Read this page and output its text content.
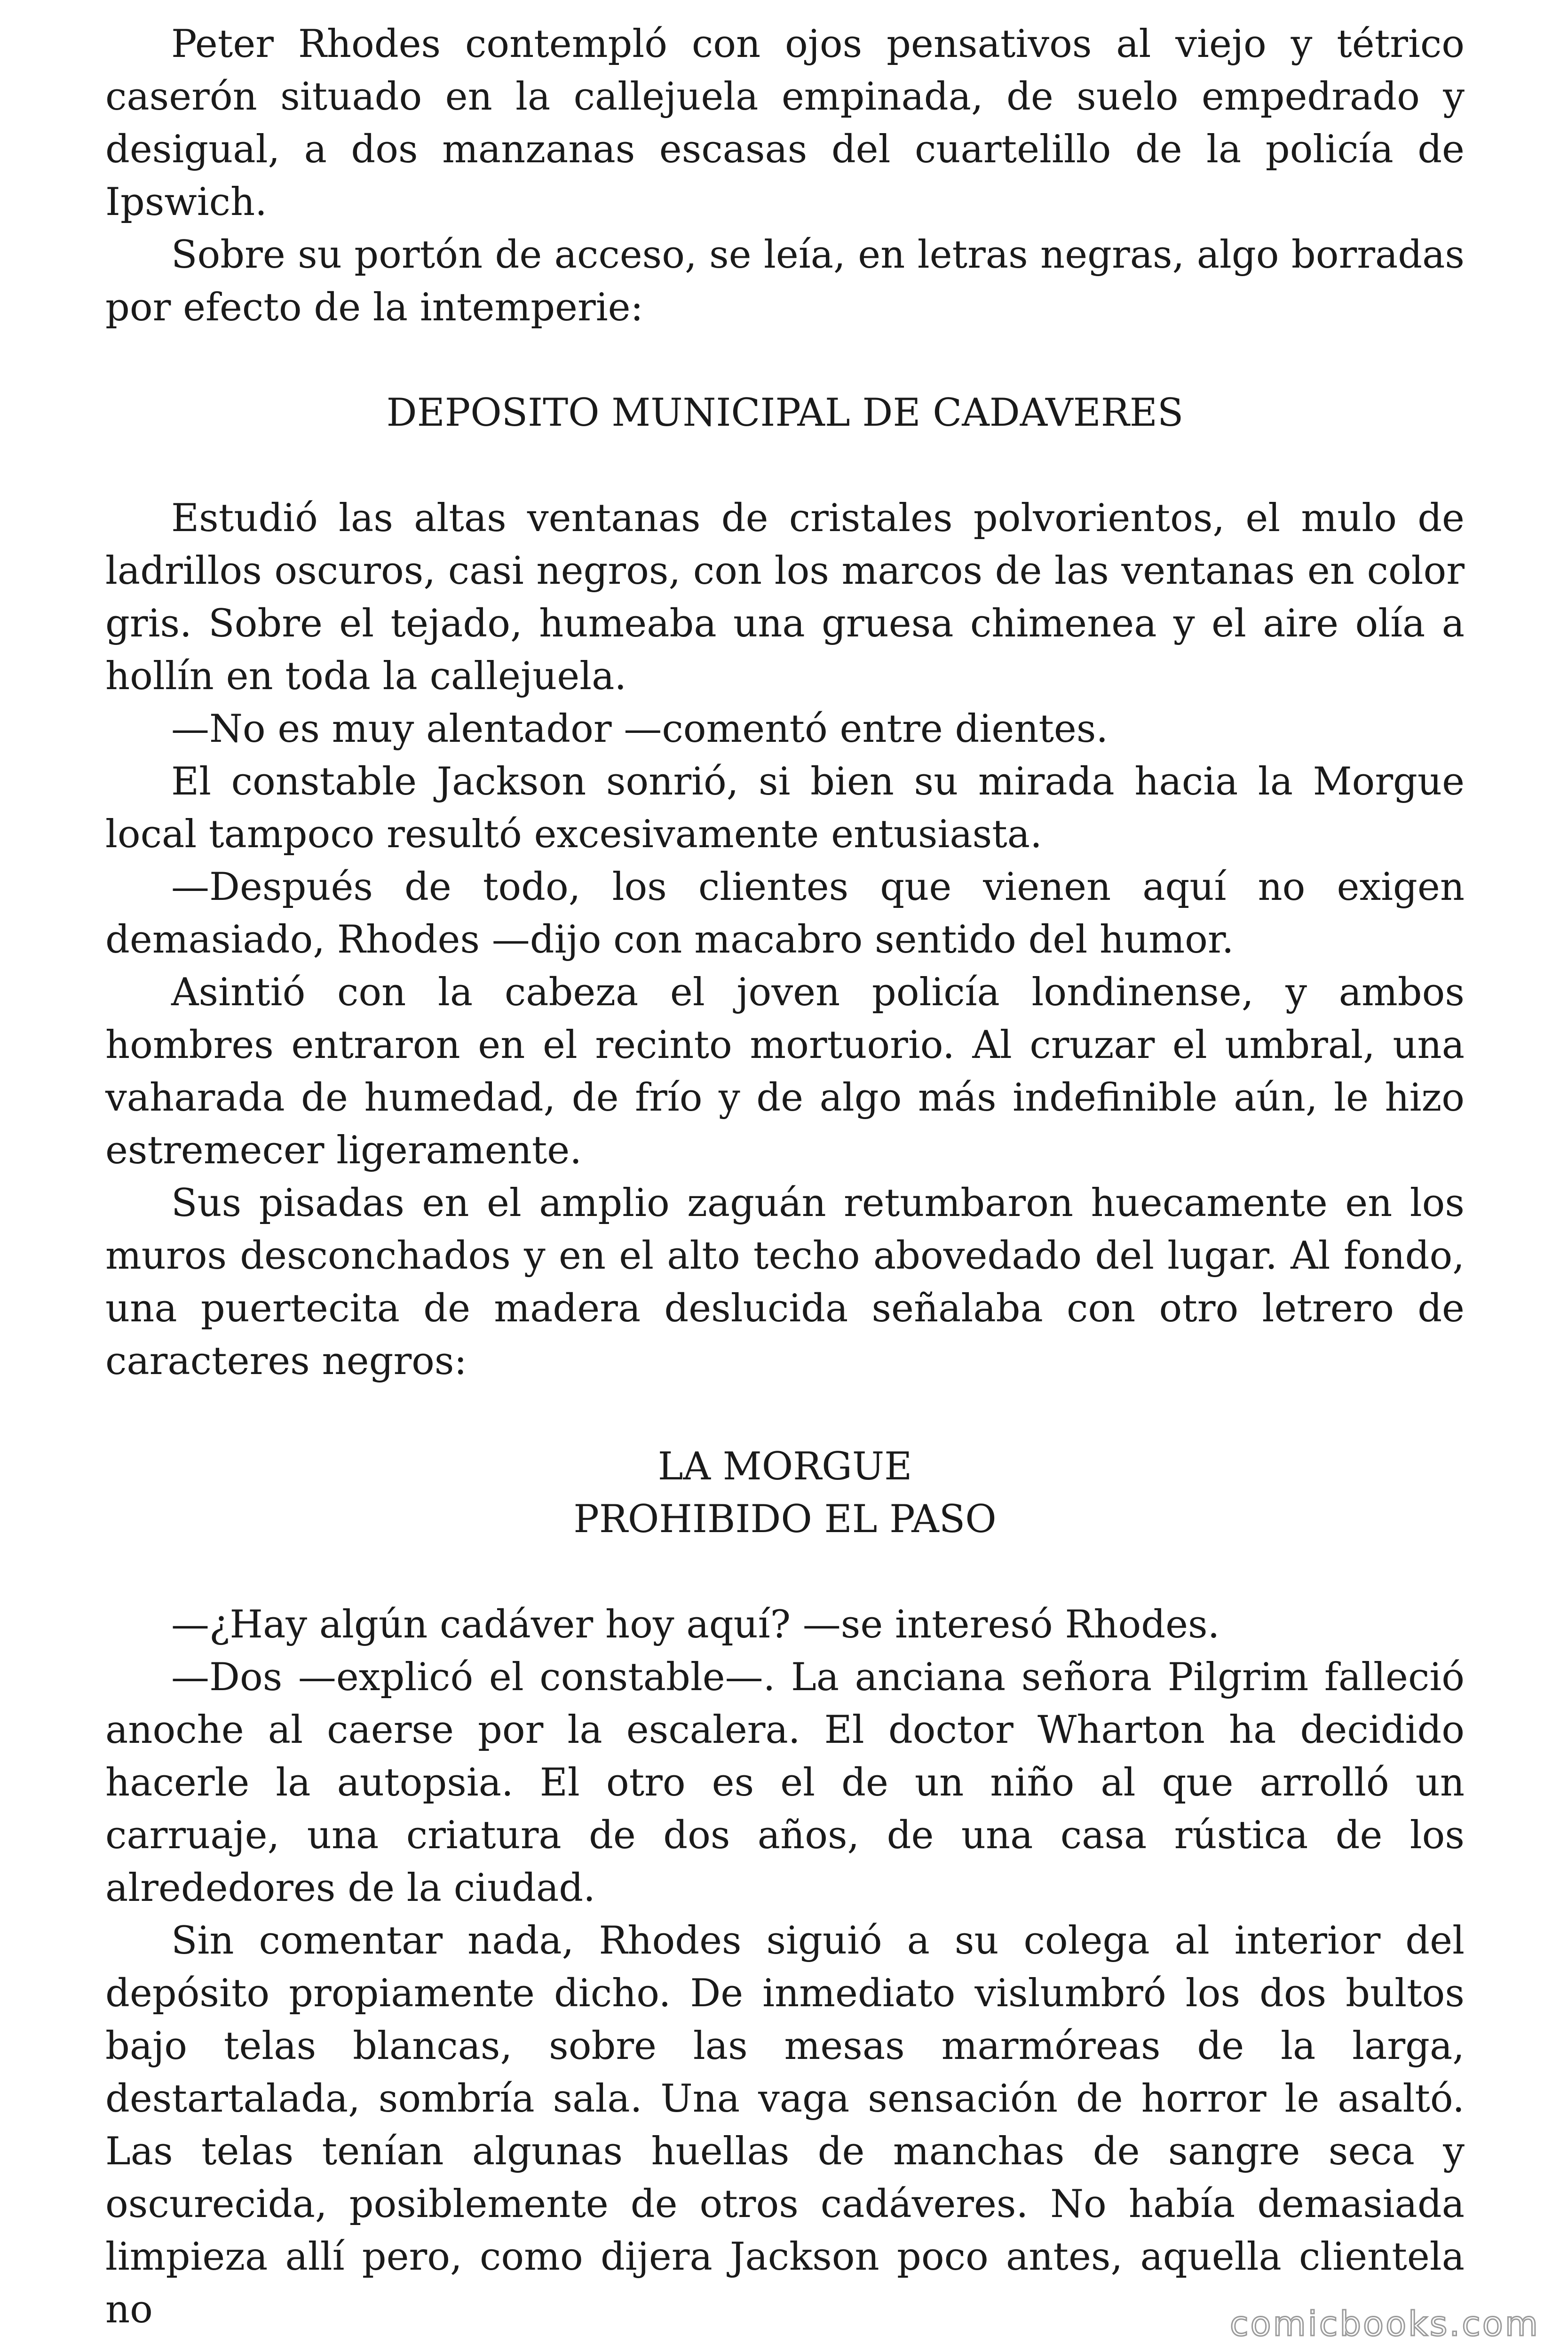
Peter Rhodes contempló con ojos pensativos al viejo y tétrico caserón situado en la callejuela empinada, de suelo empedrado y desigual, a dos manzanas escasas del cuartelillo de la policía de Ipswich.

Sobre su portón de acceso, se leía, en letras negras, algo borradas por efecto de la intemperie:

DEPOSITO MUNICIPAL DE CADAVERES

Estudió las altas ventanas de cristales polvorientos, el mulo de ladrillos oscuros, casi negros, con los marcos de las ventanas en color gris. Sobre el tejado, humeaba una gruesa chimenea y el aire olía a hollín en toda la callejuela.

—No es muy alentador —comentó entre dientes.

El constable Jackson sonrió, si bien su mirada hacia la Morgue local tampoco resultó excesivamente entusiasta.

—Después de todo, los clientes que vienen aquí no exigen demasiado, Rhodes —dijo con macabro sentido del humor.

Asintió con la cabeza el joven policía londinense, y ambos hombres entraron en el recinto mortuorio. Al cruzar el umbral, una vaharada de humedad, de frío y de algo más indefinible aún, le hizo estremecer ligeramente.

Sus pisadas en el amplio zaguán retumbaron huecamente en los muros desconchados y en el alto techo abovedado del lugar. Al fondo, una puertecita de madera deslucida señalaba con otro letrero de caracteres negros:

LA MORGUE

PROHIBIDO EL PASO

—¿Hay algún cadáver hoy aquí? —se interesó Rhodes.

—Dos —explicó el constable—. La anciana señora Pilgrim falleció anoche al caerse por la escalera. El doctor Wharton ha decidido hacerle la autopsia. El otro es el de un niño al que arrolló un carruaje, una criatura de dos años, de una casa rústica de los alrededores de la ciudad.

Sin comentar nada, Rhodes siguió a su colega al interior del depósito propiamente dicho. De inmediato vislumbró los dos bultos bajo telas blancas, sobre las mesas marmóreas de la larga, destartalada, sombría sala. Una vaga sensación de horror le asaltó. Las telas tenían algunas huellas de manchas de sangre seca y oscurecida, posiblemente de otros cadáveres. No había demasiada limpieza allí pero, como dijera Jackson poco antes, aquella clientela no	comicbooks.com
